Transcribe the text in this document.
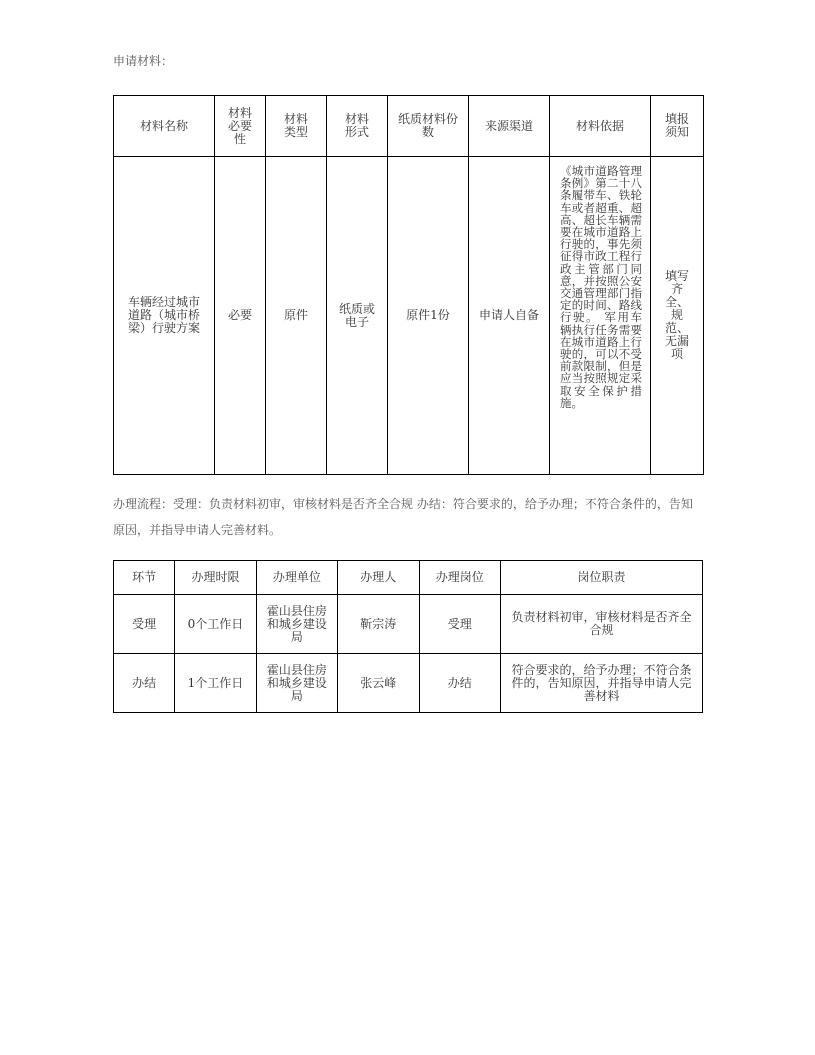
申请材料：
材料名称	材料必要性	材料类型	材料形式	纸质材料份数	来源渠道	材料依据	填报须知
车辆经过城市道路（城市桥梁）行驶方案	必要	原件	纸质或电子	原件1份	申请人自备	《城市道路管理条例》第二十八条履带车、铁轮车或者超重、超高、超长车辆需要在城市道路上行驶的，事先须征得市政工程行政主管部门同意，并按照公安交通管理部门指定的时间、路线行驶。 军用车辆执行任务需要在城市道路上行驶的，可以不受前款限制，但是应当按照规定采取安全保护措施。	填写齐全、规范、无漏项
办理流程：受理：负责材料初审，审核材料是否齐全合规 办结：符合要求的，给予办理；不符合条件的，告知原因，并指导申请人完善材料。
环节	办理时限	办理单位	办理人	办理岗位	岗位职责
受理	0个工作日	霍山县住房和城乡建设局	靳宗涛	受理	负责材料初审，审核材料是否齐全合规
办结	1个工作日	霍山县住房和城乡建设局	张云峰	办结	符合要求的，给予办理；不符合条件的，告知原因，并指导申请人完善材料
